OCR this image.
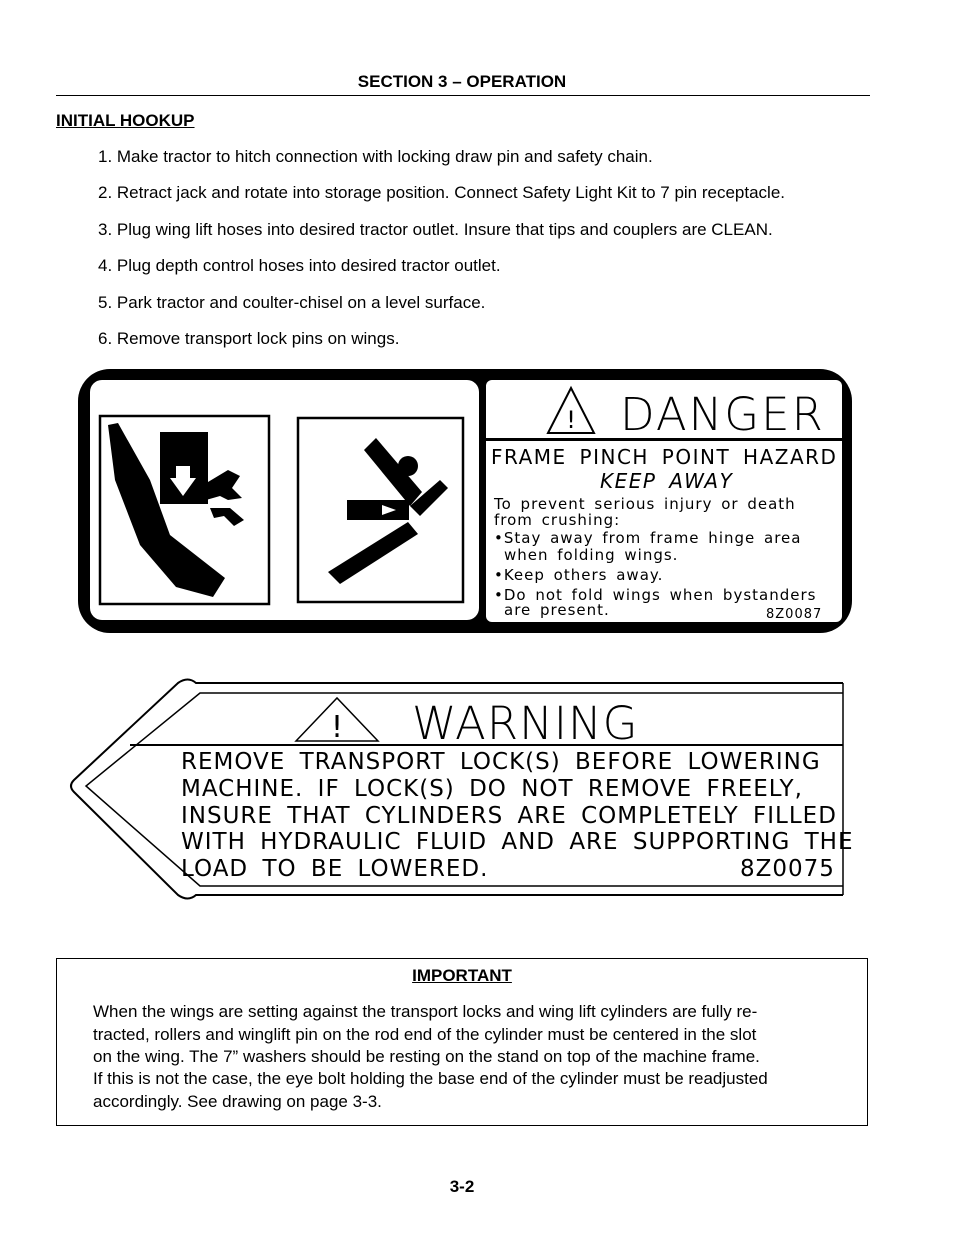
SECTION 3 – OPERATION
INITIAL HOOKUP
1. Make tractor to hitch connection with locking draw pin and safety chain.
2. Retract jack and rotate into storage position. Connect Safety Light Kit to 7 pin receptacle.
3. Plug wing lift hoses into desired tractor outlet. Insure that tips and couplers are CLEAN.
4. Plug depth control hoses into desired tractor outlet.
5. Park tractor and coulter-chisel on a level surface.
6. Remove transport lock pins on wings.
! DANGER
FRAME PINCH POINT HAZARD
KEEP AWAY
To prevent serious injury or death
from crushing:
•Stay away from frame hinge area
when folding wings.
•Keep others away.
•Do not fold wings when bystanders
are present.	8Z0087
! WARNING
REMOVE TRANSPORT LOCK(S) BEFORE LOWERING
MACHINE. IF LOCK(S) DO NOT REMOVE FREELY,
INSURE THAT CYLINDERS ARE COMPLETELY FILLED
WITH HYDRAULIC FLUID AND ARE SUPPORTING THE
LOAD TO BE LOWERED.	8Z0075
IMPORTANT
When the wings are setting against the transport locks and wing lift cylinders are fully re-
tracted, rollers and winglift pin on the rod end of the cylinder must be centered in the slot
on the wing. The 7” washers should be resting on the stand on top of the machine frame.
If this is not the case, the eye bolt holding the base end of the cylinder must be readjusted
accordingly. See drawing on page 3-3.
3-2
